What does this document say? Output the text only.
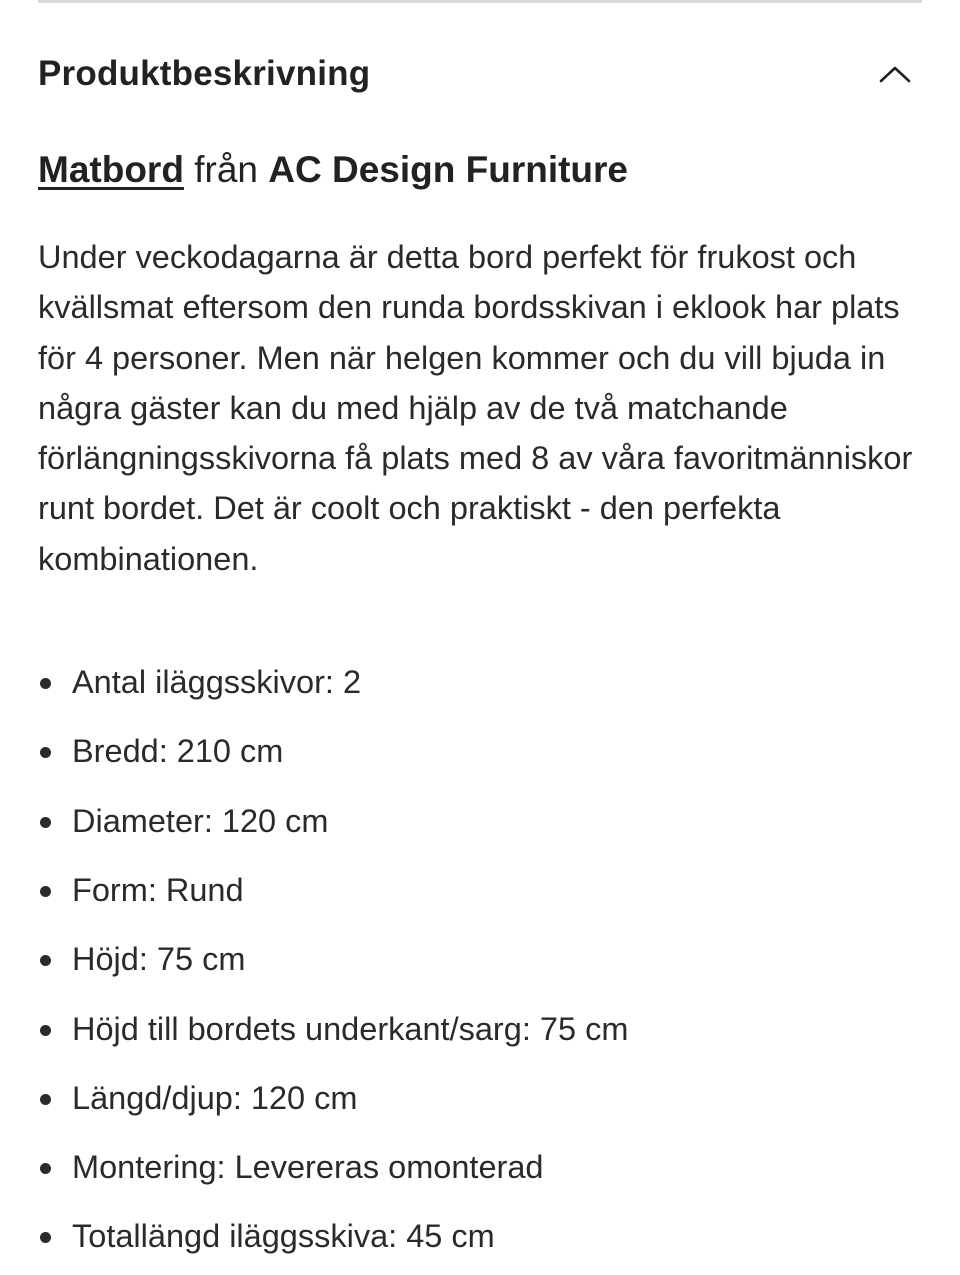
Produktbeskrivning

Matbord från AC Design Furniture

Under veckodagarna är detta bord perfekt för frukost och kvällsmat eftersom den runda bordsskivan i eklook har plats för 4 personer. Men när helgen kommer och du vill bjuda in några gäster kan du med hjälp av de två matchande förlängningsskivorna få plats med 8 av våra favoritmänniskor runt bordet. Det är coolt och praktiskt - den perfekta kombinationen.

Antal iläggsskivor: 2
Bredd: 210 cm
Diameter: 120 cm
Form: Rund
Höjd: 75 cm
Höjd till bordets underkant/sarg: 75 cm
Längd/djup: 120 cm
Montering: Levereras omonterad
Totallängd iläggsskiva: 45 cm
